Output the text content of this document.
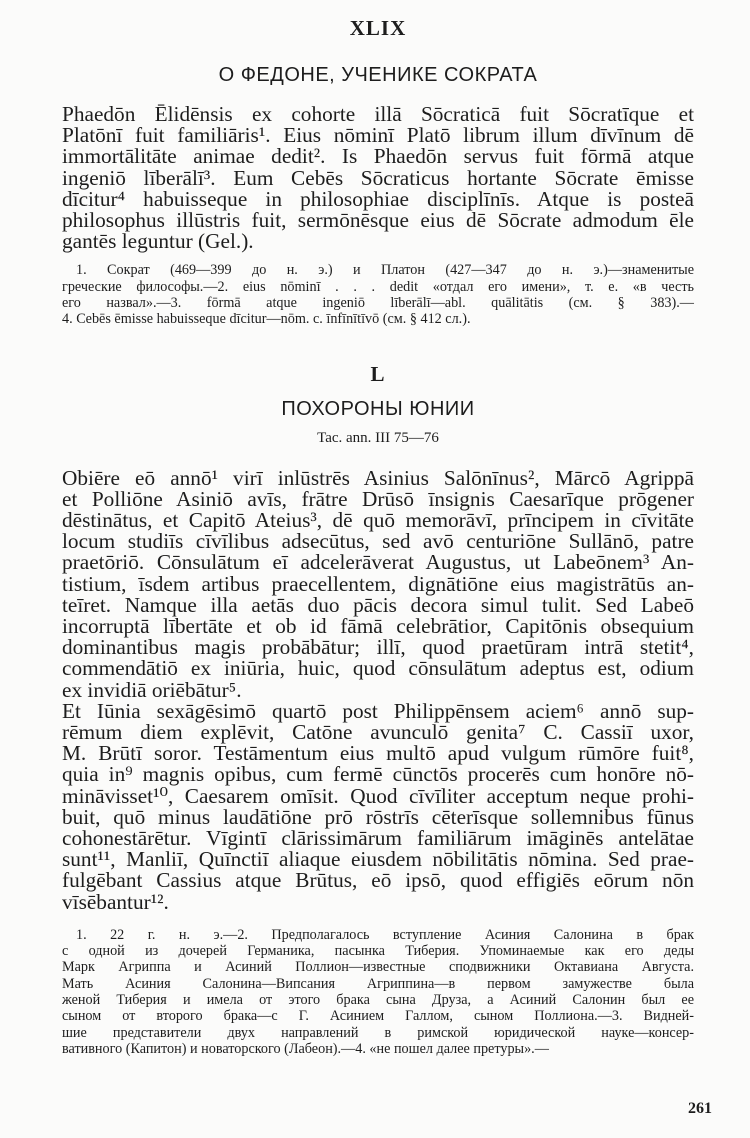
XLIX
О ФЕДОНЕ, УЧЕНИКЕ СОКРАТА
Phaedōn Ēlidēnsis ex cohorte illā Sōcraticā fuit Sōcratīque et
Platōnī fuit familiāris¹. Eius nōminī Platō librum illum dīvīnum dē
immortālitāte animae dedit². Is Phaedōn servus fuit fōrmā atque
ingeniō līberālī³. Eum Cebēs Sōcraticus hortante Sōcrate ēmisse
dīcitur⁴ habuisseque in philosophiae disciplīnīs. Atque is posteā
philosophus illūstris fuit, sermōnēsque eius dē Sōcrate admodum ēle
gantēs leguntur (Gel.).
1. Сократ (469—399 до н. э.) и Платон (427—347 до н. э.)—знаменитые
греческие философы.—2. eius nōminī . . . dedit «отдал его имени», т. е. «в честь
его назвал».—3. fōrmā atque ingeniō līberālī—abl. quālitātis (см. § 383).—
4. Cebēs ēmisse habuisseque dīcitur—nōm. c. īnfīnītīvō (см. § 412 сл.).
L
ПОХОРОНЫ ЮНИИ
Tac. ann. III 75—76
Obiēre eō annō¹ virī inlūstrēs Asinius Salōnīnus², Mārcō Agrippā
et Polliōne Asiniō avīs, frātre Drūsō īnsignis Caesarīque prōgener
dēstinātus, et Capitō Ateius³, dē quō memorāvī, prīncipem in cīvitāte
locum studiīs cīvīlibus adsecūtus, sed avō centuriōne Sullānō, patre
praetōriō. Cōnsulātum eī adcelerāverat Augustus, ut Labeōnem³ An-
tistium, īsdem artibus praecellentem, dignātiōne eius magistrātūs an-
teīret. Namque illa aetās duo pācis decora simul tulit. Sed Labeō
incorruptā lībertāte et ob id fāmā celebrātior, Capitōnis obsequium
dominantibus magis probābātur; illī, quod praetūram intrā stetit⁴,
commendātiō ex iniūria, huic, quod cōnsulātum adeptus est, odium
ex invidiā oriēbātur⁵.
Et Iūnia sexāgēsimō quartō post Philippēnsem aciem⁶ annō sup-
rēmum diem explēvit, Catōne avunculō genita⁷ C. Cassiī uxor,
M. Brūtī soror. Testāmentum eius multō apud vulgum rūmōre fuit⁸,
quia in⁹ magnis opibus, cum fermē cūnctōs procerēs cum honōre nō-
mināvisset¹⁰, Caesarem omīsit. Quod cīvīliter acceptum neque prohi-
buit, quō minus laudātiōne prō rōstrīs cēterīsque sollemnibus fūnus
cohonestārētur. Vīgintī clārissimārum familiārum imāginēs antelātae
sunt¹¹, Manliī, Quīnctiī aliaque eiusdem nōbilitātis nōmina. Sed prae-
fulgēbant Cassius atque Brūtus, eō ipsō, quod effigiēs eōrum nōn
vīsēbantur¹².
1. 22 г. н. э.—2. Предполагалось вступление Асиния Салонина в брак
с одной из дочерей Германика, пасынка Тиберия. Упоминаемые как его деды
Марк Агриппа и Асиний Поллион—известные сподвижники Октавиана Августа.
Мать Асиния Салонина—Випсания Агриппина—в первом замужестве была
женой Тиберия и имела от этого брака сына Друза, а Асиний Салонин был ее
сыном от второго брака—с Г. Асинием Галлом, сыном Поллиона.—3. Видней-
шие представители двух направлений в римской юридической науке—консер-
вативного (Капитон) и новаторского (Лабеон).—4. «не пошел далее претуры».—
261
